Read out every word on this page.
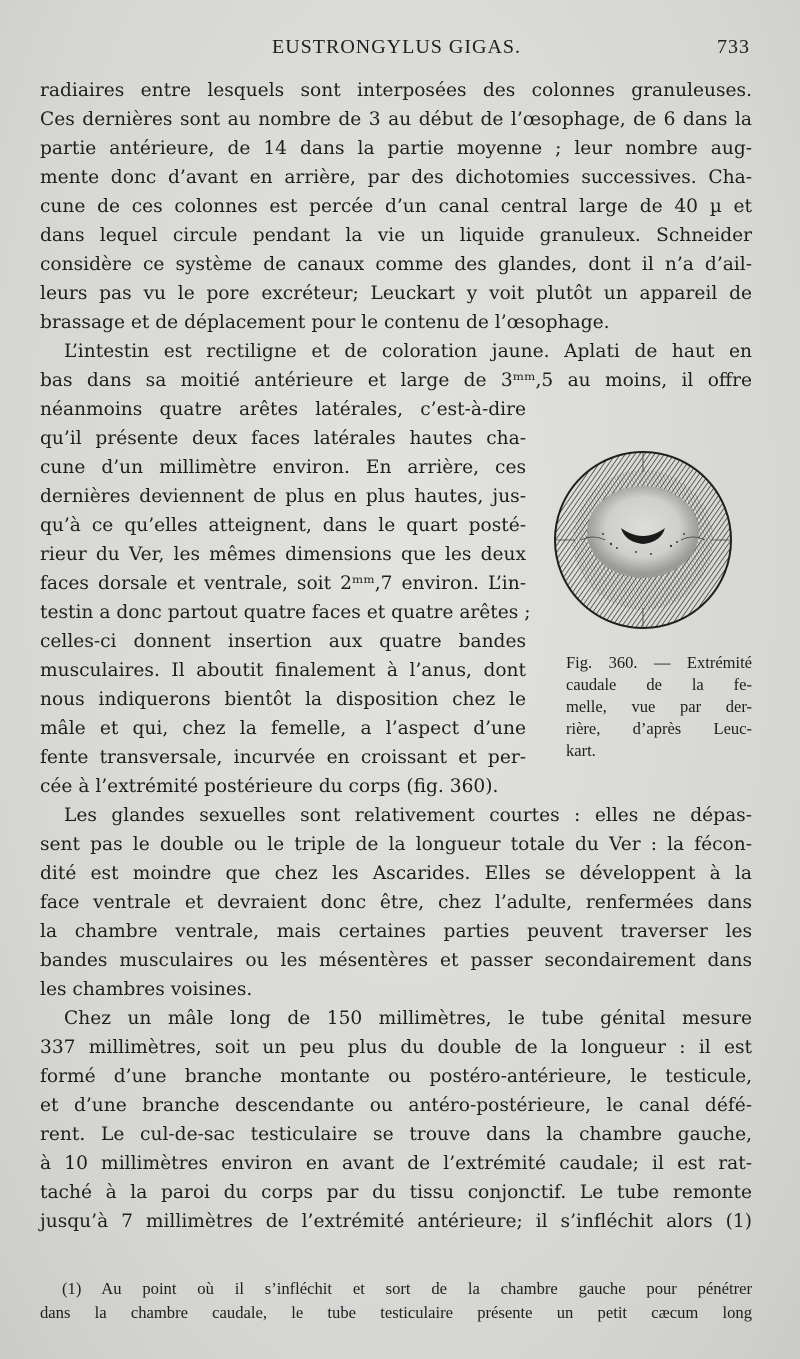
EUSTRONGYLUS GIGAS.	733
radiaires entre lesquels sont interposées des colonnes granuleuses.
Ces dernières sont au nombre de 3 au début de l’œsophage, de 6 dans la
partie antérieure, de 14 dans la partie moyenne ; leur nombre aug-
mente donc d’avant en arrière, par des dichotomies successives. Cha-
cune de ces colonnes est percée d’un canal central large de 40 µ et
dans lequel circule pendant la vie un liquide granuleux. Schneider
considère ce système de canaux comme des glandes, dont il n’a d’ail-
leurs pas vu le pore excréteur; Leuckart y voit plutôt un appareil de
brassage et de déplacement pour le contenu de l’œsophage.
L’intestin est rectiligne et de coloration jaune. Aplati de haut en
bas dans sa moitié antérieure et large de 3ᵐᵐ,5 au moins, il offre
néanmoins quatre arêtes latérales, c’est-à-dire
qu’il présente deux faces latérales hautes cha-
cune d’un millimètre environ. En arrière, ces
dernières deviennent de plus en plus hautes, jus-
qu’à ce qu’elles atteignent, dans le quart posté-
rieur du Ver, les mêmes dimensions que les deux
faces dorsale et ventrale, soit 2ᵐᵐ,7 environ. L’in-
testin a donc partout quatre faces et quatre arêtes ;
celles-ci donnent insertion aux quatre bandes
musculaires. Il aboutit finalement à l’anus, dont
nous indiquerons bientôt la disposition chez le
mâle et qui, chez la femelle, a l’aspect d’une
fente transversale, incurvée en croissant et per-
cée à l’extrémité postérieure du corps (fig. 360).
Fig. 360. — Extrémité
caudale de la fe-
melle, vue par der-
rière, d’après Leuc-
kart.
Les glandes sexuelles sont relativement courtes : elles ne dépas-
sent pas le double ou le triple de la longueur totale du Ver : la fécon-
dité est moindre que chez les Ascarides. Elles se développent à la
face ventrale et devraient donc être, chez l’adulte, renfermées dans
la chambre ventrale, mais certaines parties peuvent traverser les
bandes musculaires ou les mésentères et passer secondairement dans
les chambres voisines.
Chez un mâle long de 150 millimètres, le tube génital mesure
337 millimètres, soit un peu plus du double de la longueur : il est
formé d’une branche montante ou postéro-antérieure, le testicule,
et d’une branche descendante ou antéro-postérieure, le canal défé-
rent. Le cul-de-sac testiculaire se trouve dans la chambre gauche,
à 10 millimètres environ en avant de l’extrémité caudale; il est rat-
taché à la paroi du corps par du tissu conjonctif. Le tube remonte
jusqu’à 7 millimètres de l’extrémité antérieure; il s’infléchit alors (1)
(1) Au point où il s’infléchit et sort de la chambre gauche pour pénétrer
dans la chambre caudale, le tube testiculaire présente un petit cæcum long
